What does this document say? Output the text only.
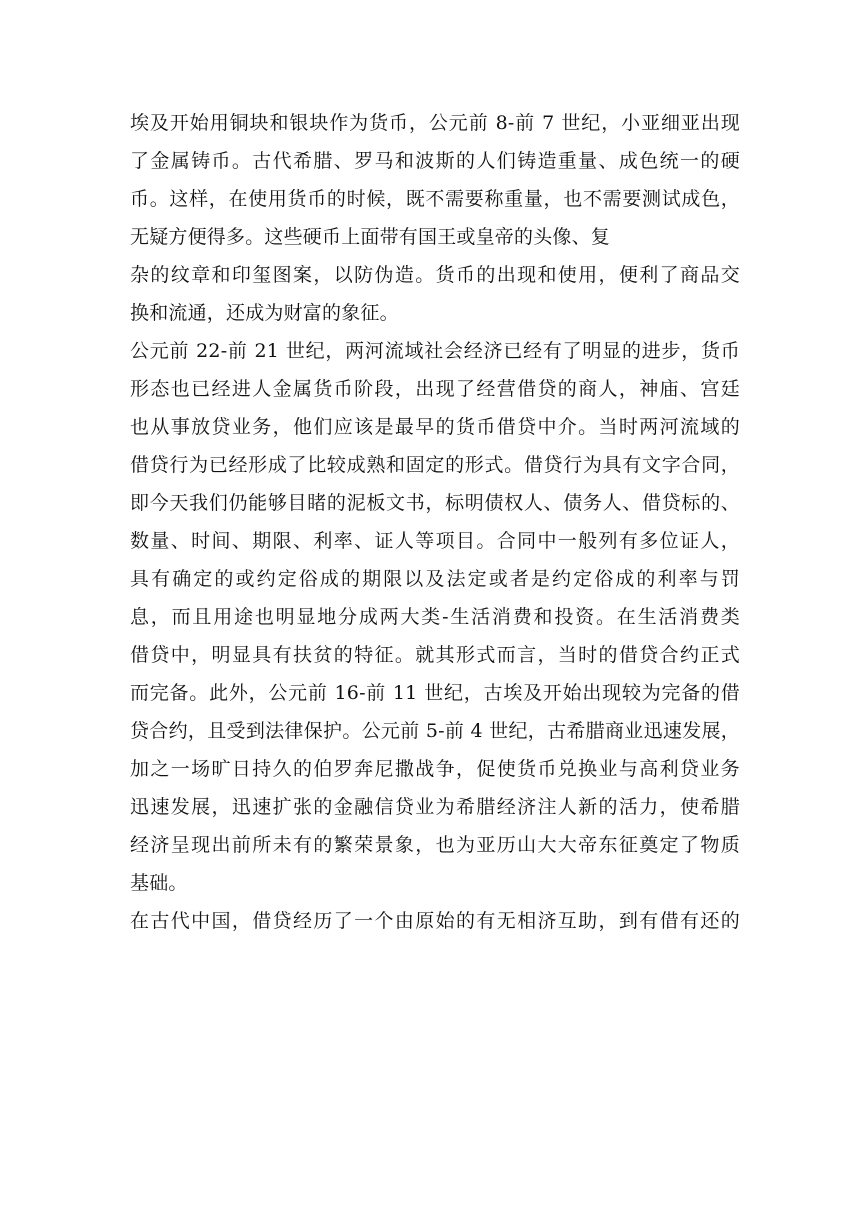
埃及开始用铜块和银块作为货币，公元前 8-前 7 世纪，小亚细亚出现
了金属铸币。古代希腊、罗马和波斯的人们铸造重量、成色统一的硬
币。这样，在使用货币的时候，既不需要称重量，也不需要测试成色，
无疑方便得多。这些硬币上面带有国王或皇帝的头像、复
杂的纹章和印玺图案，以防伪造。货币的出现和使用，便利了商品交
换和流通，还成为财富的象征。
公元前 22-前 21 世纪，两河流域社会经济已经有了明显的进步，货币
形态也已经进人金属货币阶段，出现了经营借贷的商人，神庙、宫廷
也从事放贷业务，他们应该是最早的货币借贷中介。当时两河流域的
借贷行为已经形成了比较成熟和固定的形式。借贷行为具有文字合同，
即今天我们仍能够目睹的泥板文书，标明债权人、债务人、借贷标的、
数量、时间、期限、利率、证人等项目。合同中一般列有多位证人，
具有确定的或约定俗成的期限以及法定或者是约定俗成的利率与罚
息，而且用途也明显地分成两大类-生活消费和投资。在生活消费类
借贷中，明显具有扶贫的特征。就其形式而言，当时的借贷合约正式
而完备。此外，公元前 16-前 11 世纪，古埃及开始出现较为完备的借
贷合约，且受到法律保护。公元前 5-前 4 世纪，古希腊商业迅速发展，
加之一场旷日持久的伯罗奔尼撒战争，促使货币兑换业与高利贷业务
迅速发展，迅速扩张的金融信贷业为希腊经济注人新的活力，使希腊
经济呈现出前所未有的繁荣景象，也为亚历山大大帝东征奠定了物质
基础。
在古代中国，借贷经历了一个由原始的有无相济互助，到有借有还的
